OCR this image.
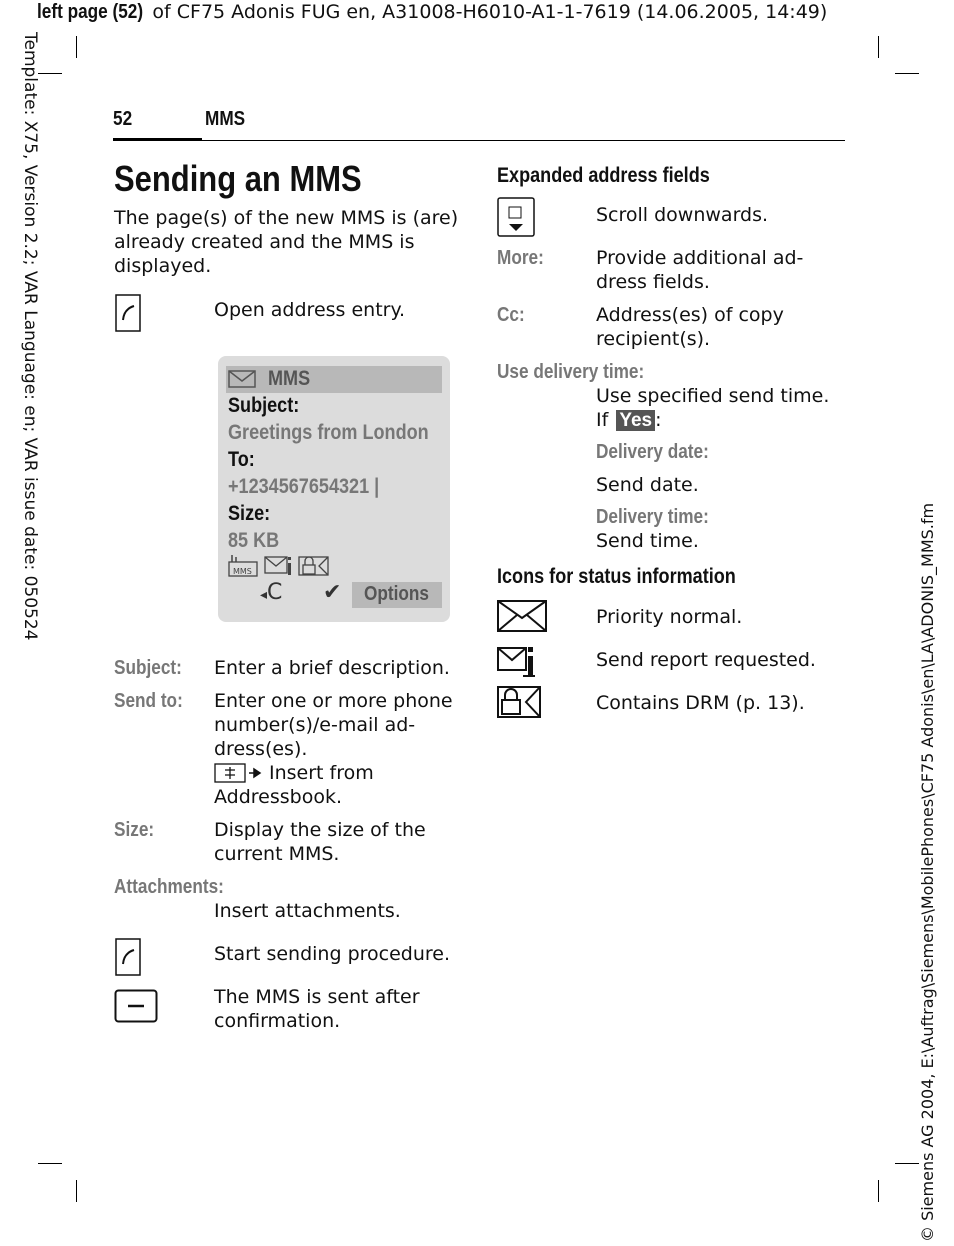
left page (52) of CF75 Adonis FUG en, A31008-H6010-A1-1-7619 (14.06.2005, 14:49)
Template: X75, Version 2.2; VAR Language: en; VAR issue date: 050524
© Siemens AG 2004, E:\Auftrag\Siemens\MobilePhones\CF75 Adonis\en\LA\ADONIS_MMS.fm
52	MMS
Sending an MMS
The page(s) of the new MMS is (are)
already created and the MMS is
displayed.
Open address entry.
MMS
Subject:
Greetings from London
To:
+1234567654321 |
Size:
85 KB
MMS
◂C ✔ Options
Subject: Enter a brief description.
Send to: Enter one or more phone
number(s)/e-mail ad-
dress(es).
Insert from
Addressbook.
Size:	Display the size of the
current MMS.
Attachments:
Insert attachments.
Start sending procedure.
The MMS is sent after
confirmation.
Expanded address fields
Scroll downwards.
More:	Provide additional ad-
dress fields.
Cc:	Address(es) of copy
recipient(s).
Use delivery time:
Use specified send time.
If Yes :
Delivery date:
Send date.
Delivery time:
Send time.
Icons for status information
Priority normal.
Send report requested.
Contains DRM (p. 13).
